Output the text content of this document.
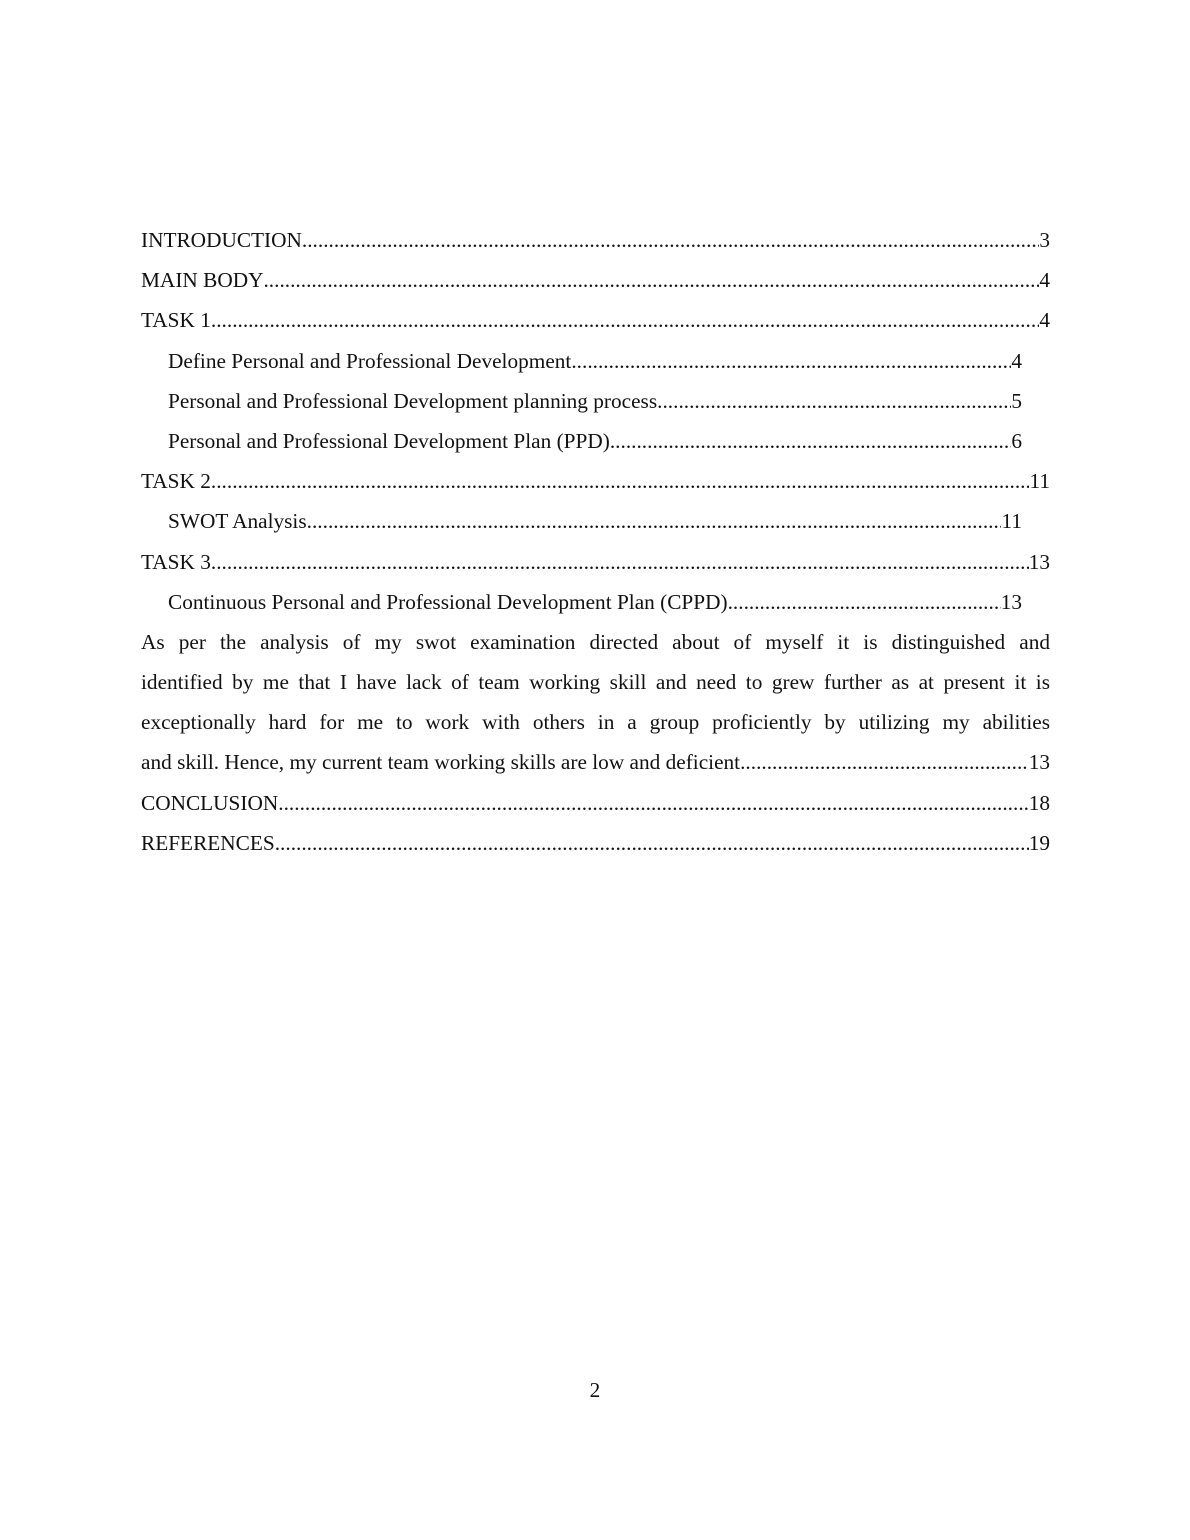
INTRODUCTION .....	3
MAIN BODY .....	4
TASK 1 .....	4
Define Personal and Professional Development .....	4
Personal and Professional Development planning process .....	5
Personal and Professional Development Plan (PPD) .....	6
TASK 2 .....	11
SWOT Analysis .....	11
TASK 3 .....	13
Continuous Personal and Professional Development Plan (CPPD) .....	13
As per the analysis of my swot examination directed about of myself it is distinguished and
identified by me that I have lack of team working skill and need to grew further as at present it is
exceptionally hard for me to work with others in a group proficiently by utilizing my abilities
and skill. Hence, my current team working skills are low and deficient .....	13
CONCLUSION .....	18
REFERENCES .....	19
2
